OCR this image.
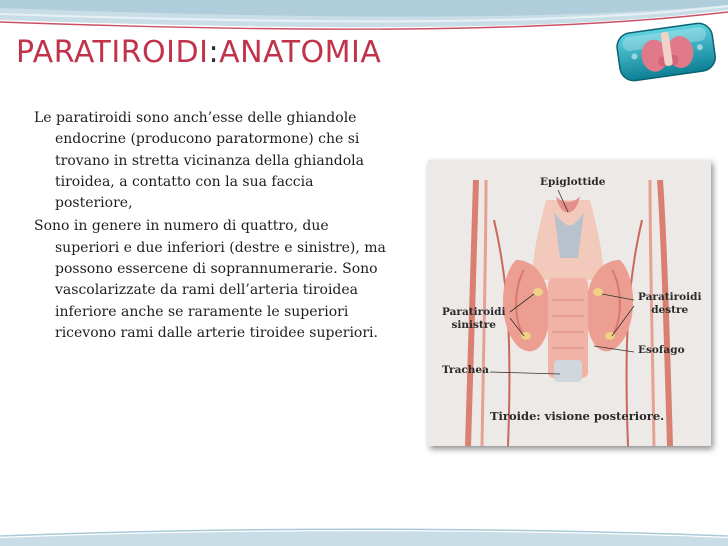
PARATIROIDI:ANATOMIA

Le paratiroidi sono anch’esse delle ghiandole endocrine (producono paratormone) che si trovano in stretta vicinanza della ghiandola tiroidea, a contatto con la sua faccia posteriore,

Sono in genere in numero di quattro, due superiori e due inferiori (destre e sinistre), ma possono essercene di soprannumerarie. Sono vascolarizzate da rami dell’arteria tiroidea inferiore anche se raramente le superiori ricevono rami dalle arterie tiroidee superiori.

Epiglottide
Paratiroidi
sinistre
Paratiroidi
destre
Esofago
Trachea
Tiroide: visione posteriore.
